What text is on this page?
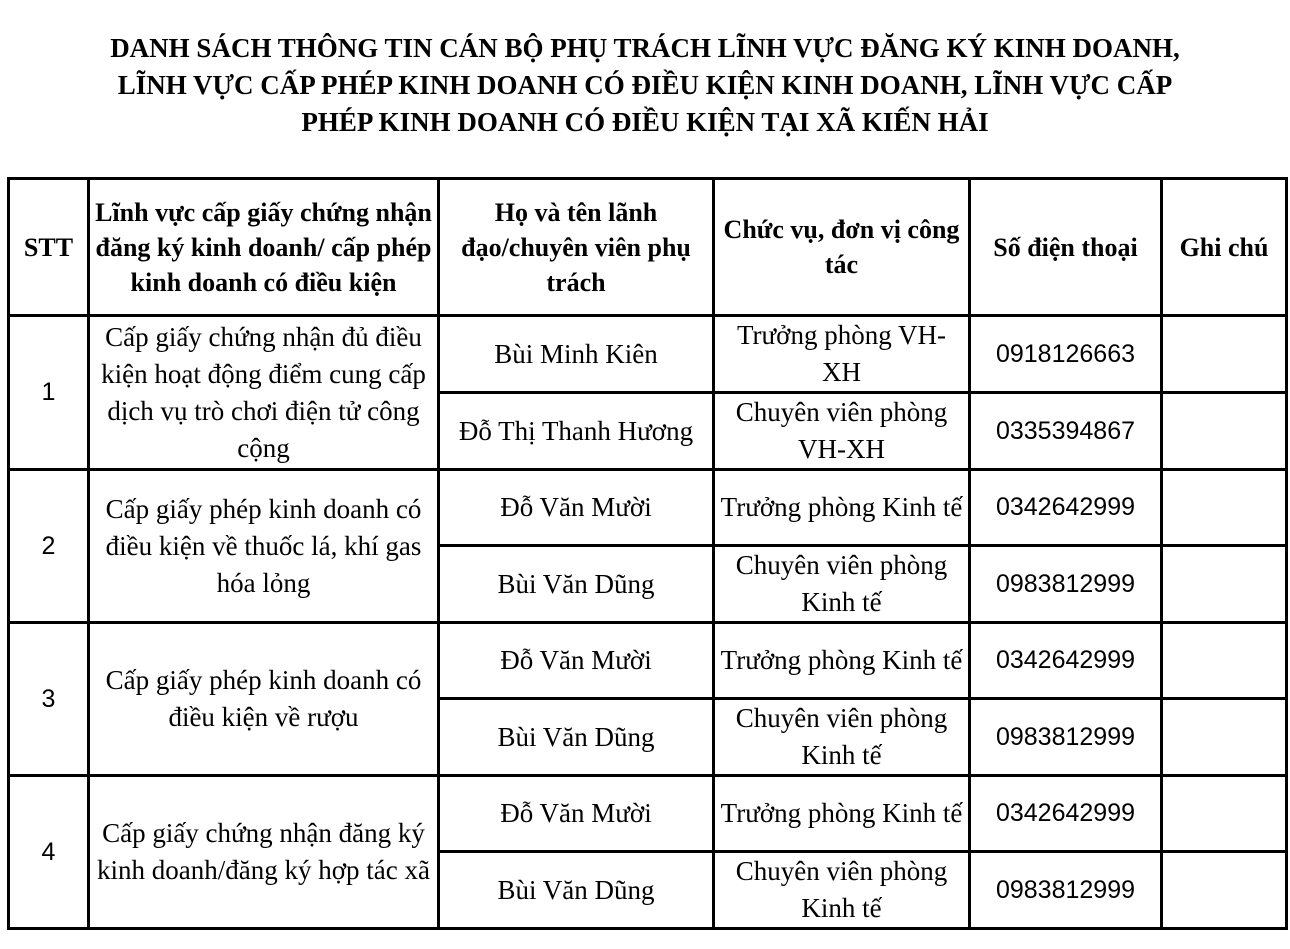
DANH SÁCH THÔNG TIN CÁN BỘ PHỤ TRÁCH LĨNH VỰC ĐĂNG KÝ KINH DOANH,
LĨNH VỰC CẤP PHÉP KINH DOANH CÓ ĐIỀU KIỆN KINH DOANH, LĨNH VỰC CẤP
PHÉP KINH DOANH CÓ ĐIỀU KIỆN TẠI XÃ KIẾN HẢI
STT	Lĩnh vực cấp giấy chứng nhận đăng ký kinh doanh/ cấp phép kinh doanh có điều kiện	Họ và tên lãnh đạo/chuyên viên phụ trách	Chức vụ, đơn vị công tác	Số điện thoại	Ghi chú
1	Cấp giấy chứng nhận đủ điều kiện hoạt động điểm cung cấp dịch vụ trò chơi điện tử công cộng	Bùi Minh Kiên	Trưởng phòng VH-XH	0918126663	
		Đỗ Thị Thanh Hương	Chuyên viên phòng VH-XH	0335394867	
2	Cấp giấy phép kinh doanh có điều kiện về thuốc lá, khí gas hóa lỏng	Đỗ Văn Mười	Trưởng phòng Kinh tế	0342642999	
		Bùi Văn Dũng	Chuyên viên phòng Kinh tế	0983812999	
3	Cấp giấy phép kinh doanh có điều kiện về rượu	Đỗ Văn Mười	Trưởng phòng Kinh tế	0342642999	
		Bùi Văn Dũng	Chuyên viên phòng Kinh tế	0983812999	
4	Cấp giấy chứng nhận đăng ký kinh doanh/đăng ký hợp tác xã	Đỗ Văn Mười	Trưởng phòng Kinh tế	0342642999	
		Bùi Văn Dũng	Chuyên viên phòng Kinh tế	0983812999	
